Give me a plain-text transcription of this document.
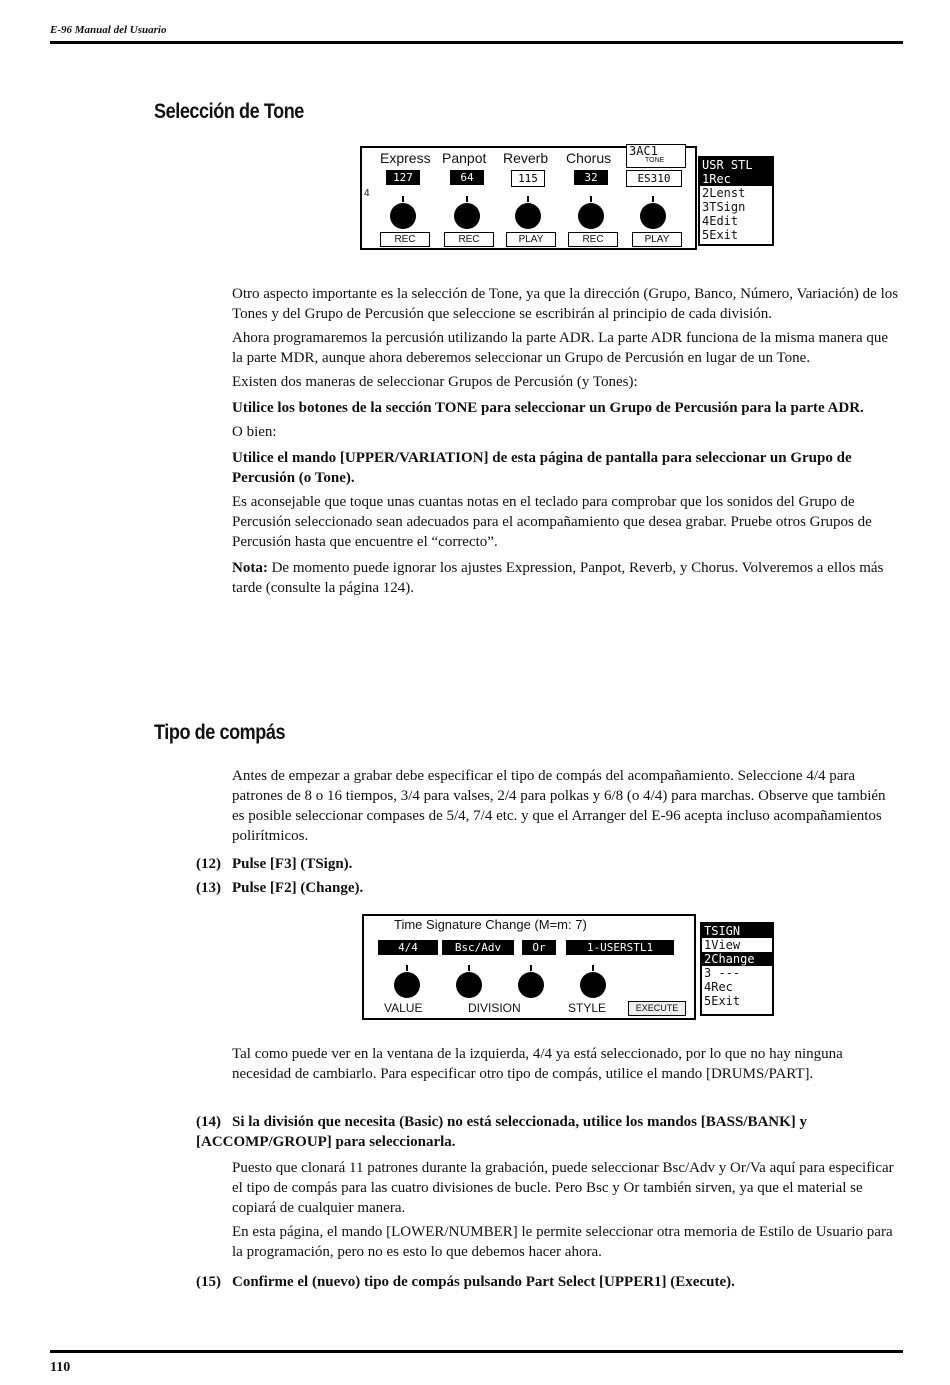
E-96 Manual del Usuario
Selección de Tone
4
Express Panpot Reverb Chorus 3AC1
TONE
127	64	115	32	ES310
REC	REC	PLAY	REC	PLAY
USR STL
1Rec
2Lenst
3TSign
4Edit
5Exit

Otro aspecto importante es la selección de Tone, ya que la dirección (Grupo, Banco, Número, Variación) de los Tones y del Grupo de Percusión que seleccione se escribirán al principio de cada división.

Ahora programaremos la percusión utilizando la parte ADR. La parte ADR funciona de la misma manera que la parte MDR, aunque ahora deberemos seleccionar un Grupo de Percusión en lugar de un Tone.

Existen dos maneras de seleccionar Grupos de Percusión (y Tones):

Utilice los botones de la sección TONE para seleccionar un Grupo de Percusión para la parte ADR.

O bien:

Utilice el mando [UPPER/VARIATION] de esta página de pantalla para seleccionar un Grupo de Percusión (o Tone).

Es aconsejable que toque unas cuantas notas en el teclado para comprobar que los sonidos del Grupo de Percusión seleccionado sean adecuados para el acompañamiento que desea grabar. Pruebe otros Grupos de Percusión hasta que encuentre el “correcto”.

Nota: De momento puede ignorar los ajustes Expression, Panpot, Reverb, y Chorus. Volveremos a ellos más tarde (consulte la página 124).

Tipo de compás
Antes de empezar a grabar debe especificar el tipo de compás del acompañamiento. Seleccione 4/4 para patrones de 8 o 16 tiempos, 3/4 para valses, 2/4 para polkas y 6/8 (o 4/4) para marchas. Observe que también es posible seleccionar compases de 5/4, 7/4 etc. y que el Arranger del E-96 acepta incluso acompañamientos polirítmicos.
(12) Pulse [F3] (TSign).
(13) Pulse [F2] (Change).
Time Signature Change (M=m: 7)
4/4	Bsc/Adv	Or	1-USERSTL1
VALUE	DIVISION	STYLE	EXECUTE
TSIGN
1View
2Change
3 ---
4Rec
5Exit
Tal como puede ver en la ventana de la izquierda, 4/4 ya está seleccionado, por lo que no hay ninguna necesidad de cambiarlo. Para especificar otro tipo de compás, utilice el mando [DRUMS/PART].
(14) Si la división que necesita (Basic) no está seleccionada, utilice los mandos [BASS/BANK] y [ACCOMP/GROUP] para seleccionarla.

Puesto que clonará 11 patrones durante la grabación, puede seleccionar Bsc/Adv y Or/Va aquí para especificar el tipo de compás para las cuatro divisiones de bucle. Pero Bsc y Or también sirven, ya que el material se copiará de cualquier manera.

En esta página, el mando [LOWER/NUMBER] le permite seleccionar otra memoria de Estilo de Usuario para la programación, pero no es esto lo que debemos hacer ahora.

(15) Confirme el (nuevo) tipo de compás pulsando Part Select [UPPER1] (Execute).
110
